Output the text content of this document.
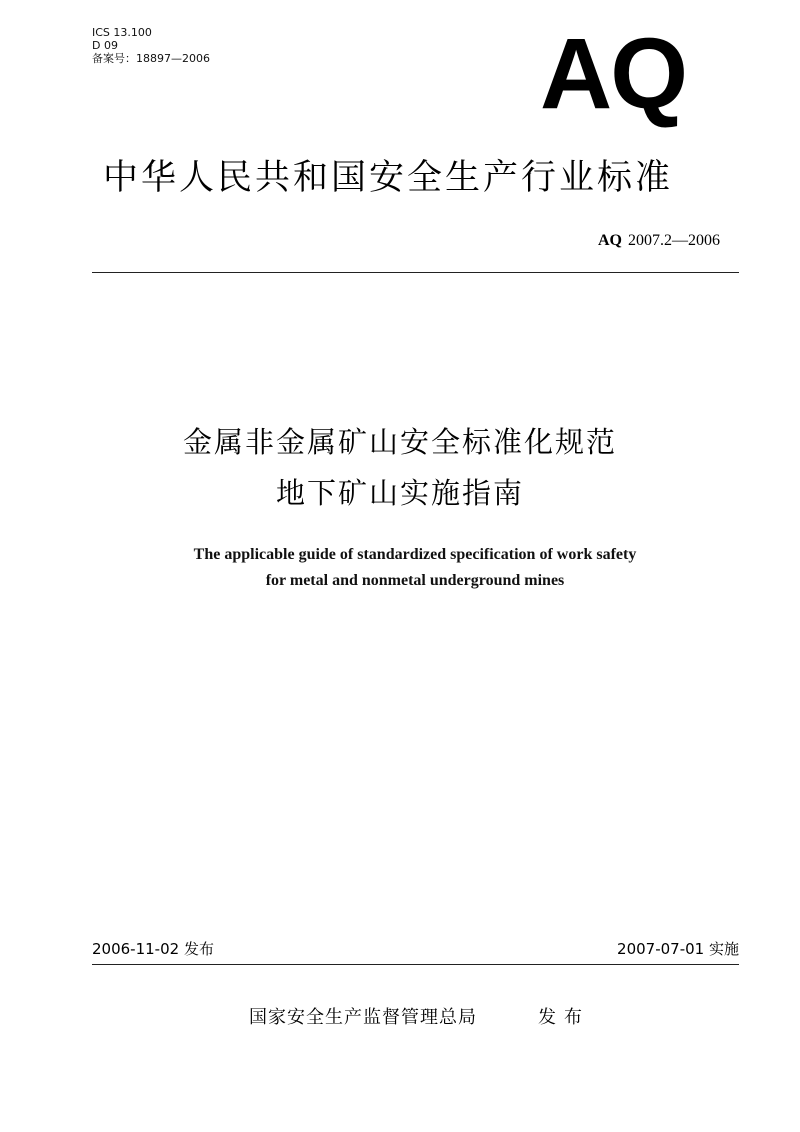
ICS 13.100
D 09
备案号：18897—2006	AQ
中华人民共和国安全生产行业标准
AQ 2007.2—2006
金属非金属矿山安全标准化规范
地下矿山实施指南
The applicable guide of standardized specification of work safety
for metal and nonmetal underground mines
2006-11-02 发布	2007-07-01 实施
国家安全生产监督管理总局	发布
